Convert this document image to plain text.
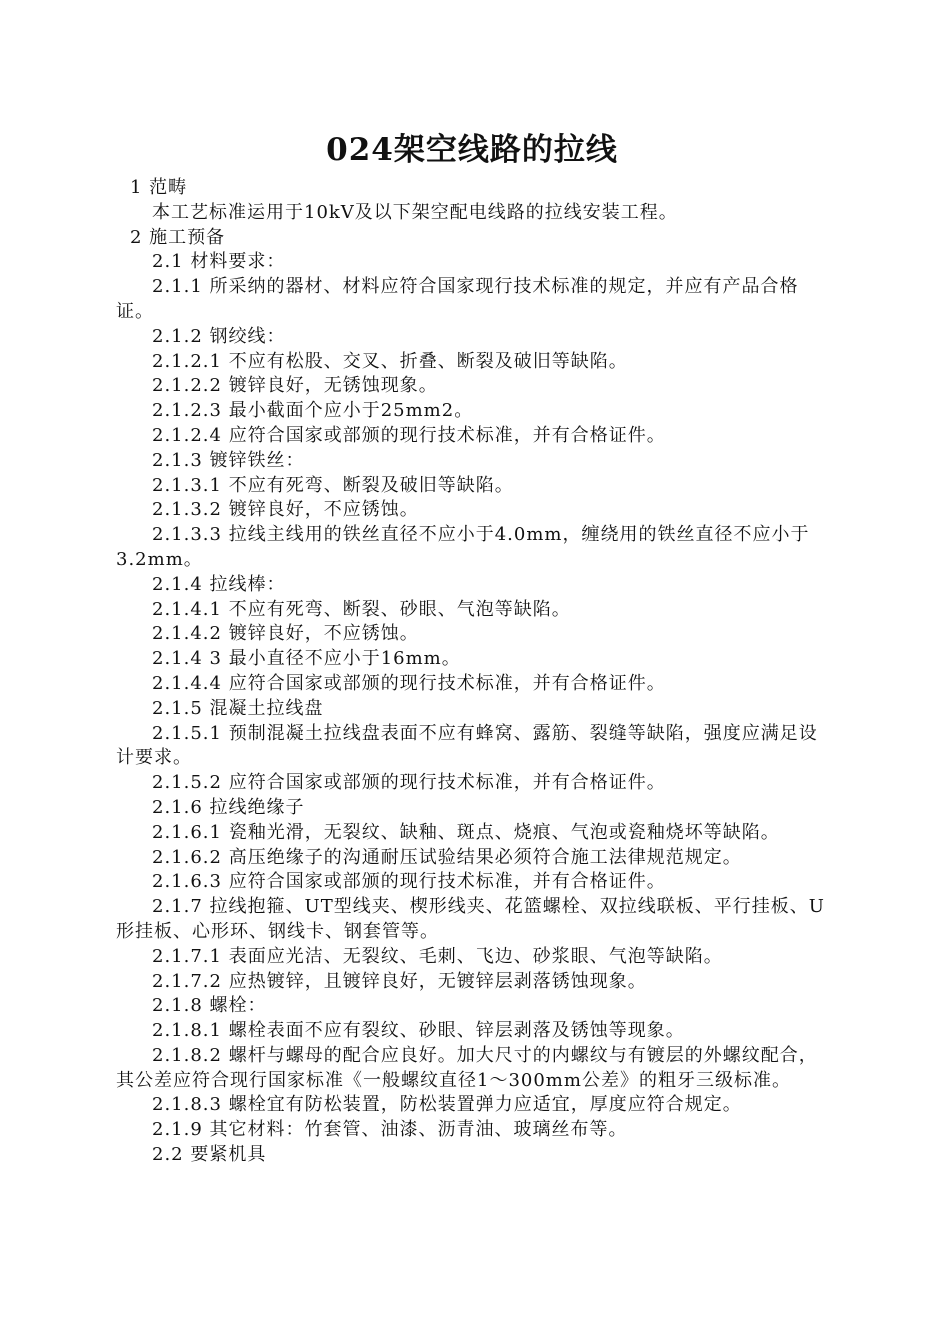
024架空线路的拉线
1 范畴
本工艺标准运用于10kV及以下架空配电线路的拉线安装工程。
2 施工预备
2.1 材料要求：
2.1.1 所采纳的器材、材料应符合国家现行技术标准的规定，并应有产品合格证。
2.1.2 钢绞线：
2.1.2.1 不应有松股、交叉、折叠、断裂及破旧等缺陷。
2.1.2.2 镀锌良好，无锈蚀现象。
2.1.2.3 最小截面个应小于25mm2。
2.1.2.4 应符合国家或部颁的现行技术标准，并有合格证件。
2.1.3 镀锌铁丝：
2.1.3.1 不应有死弯、断裂及破旧等缺陷。
2.1.3.2 镀锌良好，不应锈蚀。
2.1.3.3 拉线主线用的铁丝直径不应小于4.0mm，缠绕用的铁丝直径不应小于3.2mm。
2.1.4 拉线棒：
2.1.4.1 不应有死弯、断裂、砂眼、气泡等缺陷。
2.1.4.2 镀锌良好，不应锈蚀。
2.1.4 3 最小直径不应小于16mm。
2.1.4.4 应符合国家或部颁的现行技术标准，并有合格证件。
2.1.5 混凝土拉线盘
2.1.5.1 预制混凝土拉线盘表面不应有蜂窝、露筋、裂缝等缺陷，强度应满足设计要求。
2.1.5.2 应符合国家或部颁的现行技术标准，并有合格证件。
2.1.6 拉线绝缘子
2.1.6.1 瓷釉光滑，无裂纹、缺釉、斑点、烧痕、气泡或瓷釉烧坏等缺陷。
2.1.6.2 高压绝缘子的沟通耐压试验结果必须符合施工法律规范规定。
2.1.6.3 应符合国家或部颁的现行技术标准，并有合格证件。
2.1.7 拉线抱箍、UT型线夹、楔形线夹、花篮螺栓、双拉线联板、平行挂板、U形挂板、心形环、钢线卡、钢套管等。
2.1.7.1 表面应光洁、无裂纹、毛刺、飞边、砂浆眼、气泡等缺陷。
2.1.7.2 应热镀锌，且镀锌良好，无镀锌层剥落锈蚀现象。
2.1.8 螺栓：
2.1.8.1 螺栓表面不应有裂纹、砂眼、锌层剥落及锈蚀等现象。
2.1.8.2 螺杆与螺母的配合应良好。加大尺寸的内螺纹与有镀层的外螺纹配合，其公差应符合现行国家标准《一般螺纹直径1～300mm公差》的粗牙三级标准。
2.1.8.3 螺栓宜有防松装置，防松装置弹力应适宜，厚度应符合规定。
2.1.9 其它材料：竹套管、油漆、沥青油、玻璃丝布等。
2.2 要紧机具
